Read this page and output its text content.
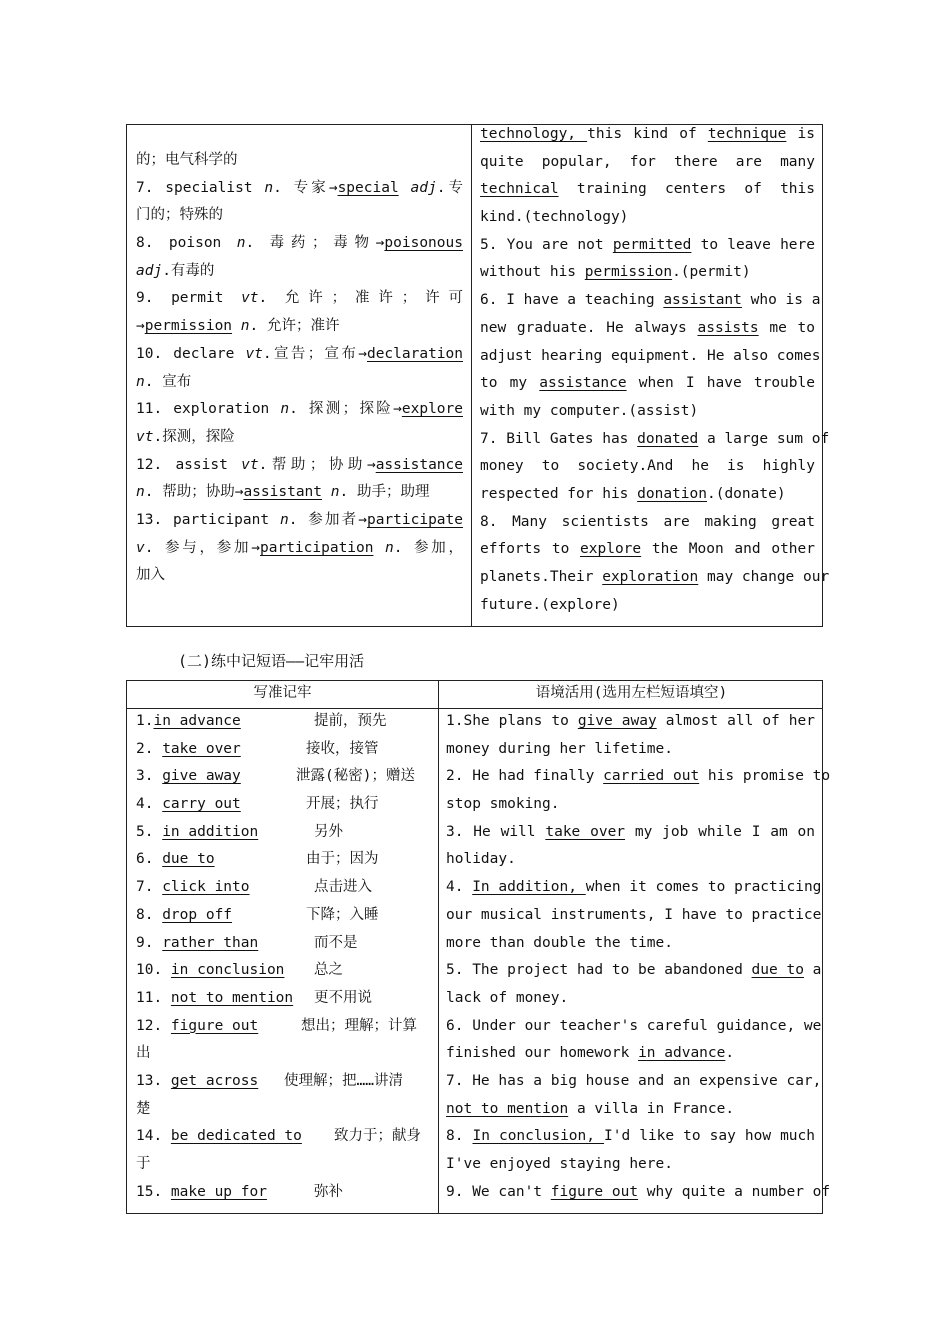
的；电气科学的
7. specialist n. 专家→special adj.专
门的；特殊的
8. poison n. 毒药；毒物→poisonous
adj.有毒的
9. permit vt. 允许；准许；许可
→permission n. 允许；准许
10. declare vt.宣告；宣布→declaration
n. 宣布
11. exploration n. 探测；探险→explore
vt.探测，探险
12. assist vt.帮助；协助→assistance
n. 帮助；协助→assistant n. 助手；助理
13. participant n. 参加者→participate
v. 参与，参加→participation n. 参加，
加入
technology, this kind of technique is
quite popular, for there are many
technical training centers of this
kind.(technology)
5. You are not permitted to leave here
without his permission.(permit)
6. I have a teaching assistant who is a
new graduate. He always assists me to
adjust hearing equipment. He also comes
to my assistance when I have trouble
with my computer.(assist)
7. Bill Gates has donated a large sum of
money to society.And he is highly
respected for his donation.(donate)
8. Many scientists are making great
efforts to explore the Moon and other
planets.Their exploration may change our
future.(explore)
(二)练中记短语——记牢用活
写准记牢	语境活用(选用左栏短语填空)
1.in advance	提前，预先
2. take over	接收，接管
3. give away	泄露(秘密)；赠送
4. carry out	开展；执行
5. in addition	另外
6. due to	由于；因为
7. click into	点击进入
8. drop off	下降；入睡
9. rather than	而不是
10. in conclusion 总之
11. not to mention 更不用说
12. figure out	想出；理解；计算
出
13. get across 使理解；把……讲清
楚
14. be dedicated to 致力于；献身
于
15. make up for	弥补
1.She plans to give away almost all of her
money during her lifetime.
2. He had finally carried out his promise to
stop smoking.
3. He will take over my job while I am on
holiday.
4. In addition, when it comes to practicing
our musical instruments, I have to practice
more than double the time.
5. The project had to be abandoned due to a
lack of money.
6. Under our teacher's careful guidance, we
finished our homework in advance.
7. He has a big house and an expensive car,
not to mention a villa in France.
8. In conclusion, I'd like to say how much
I've enjoyed staying here.
9. We can't figure out why quite a number of
